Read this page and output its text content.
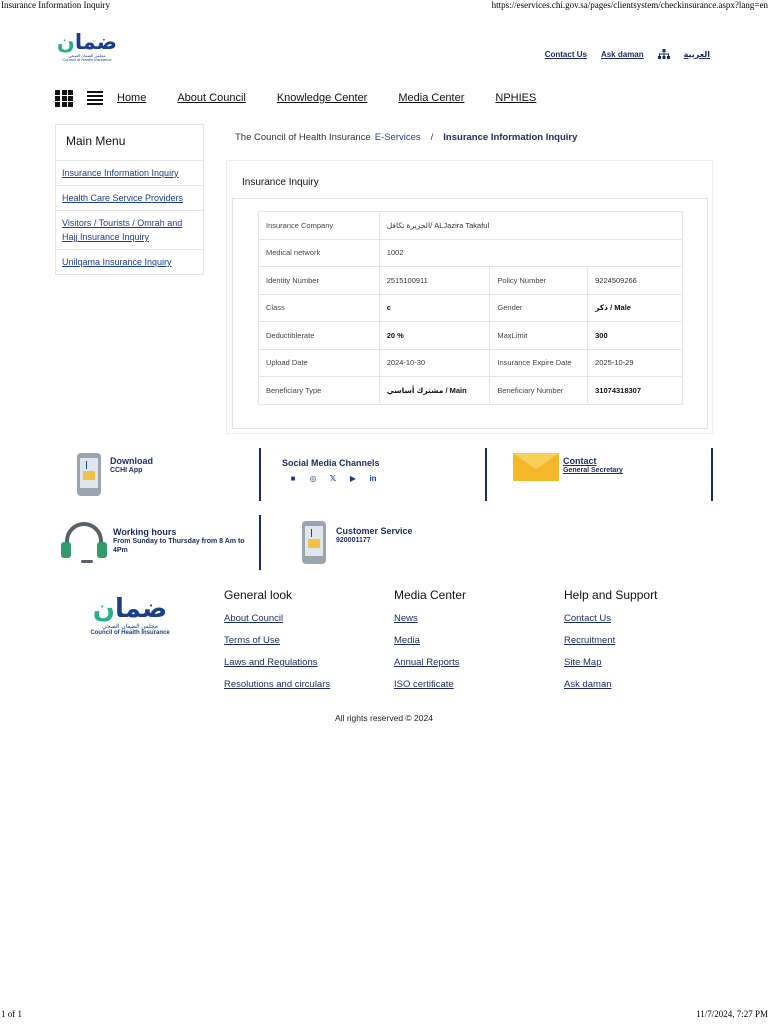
Insurance Information Inquiry	https://eservices.chi.gov.sa/pages/clientsystem/checkinsurance.aspx?lang=en
ضمان
مجلس الضمان الصحي
Council of Health Insurance
Contact Us Ask daman	العربية
Home	About Council	Knowledge Center	Media Center	NPHIES
Main Menu
Insurance Information Inquiry
Health Care Service Providers
Visitors / Tourists / Omrah and Hajj Insurance Inquiry
Unilqama Insurance Inquiry
The Council of Health Insurance E-Services / Insurance Information Inquiry
Insurance Inquiry
Insurance Company	الجزيرة تكافل/ ALJazira Takaful		
Medical network	1002		
Identity Number	2515100911	Policy Number	9224509266
Class	c	Gender	ذكر / Male
Deductiblerate	20 %	MaxLimit	300
Upload Date	2024-10-30	Insurance Expire Date	2025-10-29
Beneficiary Type	مشترك أساسي / Main	Beneficiary Number	31074318307
Download
CCHI App
Social Media Channels
■ ◎ 𝕏 ▶ in
Contact
General Secretary
Working hours
From Sunday to Thursday from 8 Am to 4Pm
Customer Service
920001177
ضمان
مجلس الضمان الصحي
Council of Health Insurance
General look
About Council
Terms of Use
Laws and Regulations
Resolutions and circulars
Media Center
News
Media
Annual Reports
ISO certificate
Help and Support
Contact Us
Recruitment
Site Map
Ask daman
All rights reserved © 2024
1 of 1	11/7/2024, 7:27 PM
